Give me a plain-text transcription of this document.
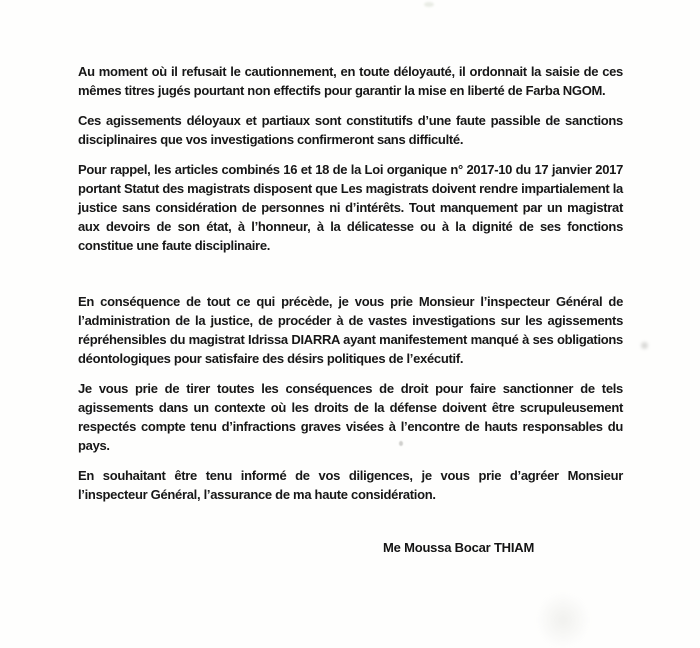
Au moment où il refusait le cautionnement, en toute déloyauté, il ordonnait la saisie de ces mêmes titres jugés pourtant non effectifs pour garantir la mise en liberté de Farba NGOM.

Ces agissements déloyaux et partiaux sont constitutifs d’une faute passible de sanctions disciplinaires que vos investigations confirmeront sans difficulté.

Pour rappel, les articles combinés 16 et 18 de la Loi organique n° 2017-10 du 17 janvier 2017 portant Statut des magistrats disposent que Les magistrats doivent rendre impartialement la justice sans considération de personnes ni d’intérêts. Tout manquement par un magistrat aux devoirs de son état, à l’honneur, à la délicatesse ou à la dignité de ses fonctions constitue une faute disciplinaire.

En conséquence de tout ce qui précède, je vous prie Monsieur l’inspecteur Général de l’administration de la justice, de procéder à de vastes investigations sur les agissements répréhensibles du magistrat Idrissa DIARRA ayant manifestement manqué à ses obligations déontologiques pour satisfaire des désirs politiques de l’exécutif.

Je vous prie de tirer toutes les conséquences de droit pour faire sanctionner de tels agissements dans un contexte où les droits de la défense doivent être scrupuleusement respectés compte tenu d’infractions graves visées à l’encontre de hauts responsables du pays.

En souhaitant être tenu informé de vos diligences, je vous prie d’agréer Monsieur l’inspecteur Général, l’assurance de ma haute considération.

Me Moussa Bocar THIAM
